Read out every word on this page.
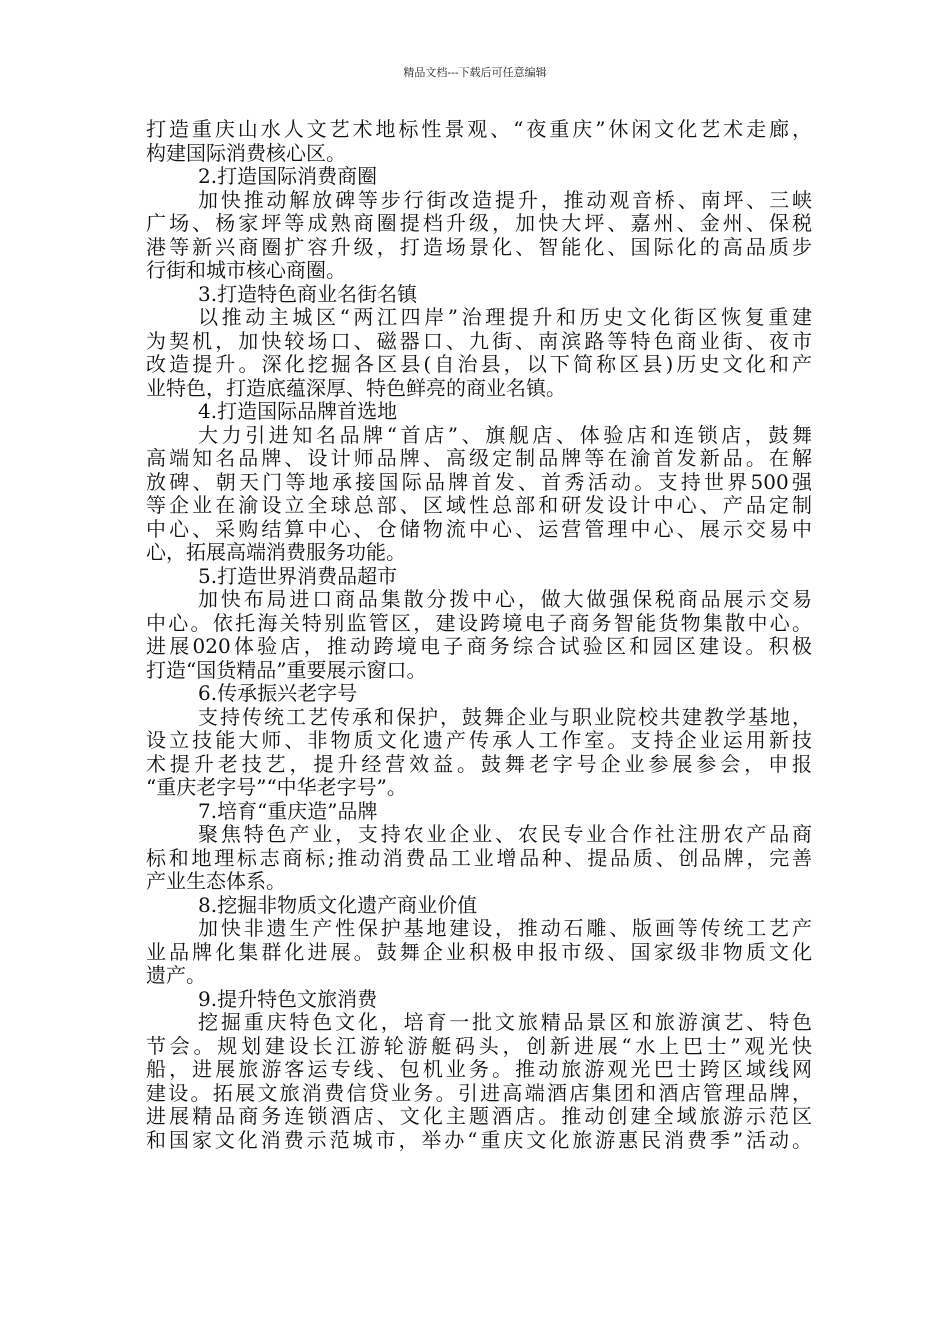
精品文档---下载后可任意编辑
打造重庆山水人文艺术地标性景观、“夜重庆”休闲文化艺术走廊，
构建国际消费核心区。
2.打造国际消费商圈
加快推动解放碑等步行街改造提升，推动观音桥、南坪、三峡
广场、杨家坪等成熟商圈提档升级，加快大坪、嘉州、金州、保税
港等新兴商圈扩容升级，打造场景化、智能化、国际化的高品质步
行街和城市核心商圈。
3.打造特色商业名街名镇
以推动主城区“两江四岸”治理提升和历史文化街区恢复重建
为契机，加快较场口、磁器口、九街、南滨路等特色商业街、夜市
改造提升。深化挖掘各区县(自治县，以下简称区县)历史文化和产
业特色，打造底蕴深厚、特色鲜亮的商业名镇。
4.打造国际品牌首选地
大力引进知名品牌“首店”、旗舰店、体验店和连锁店，鼓舞
高端知名品牌、设计师品牌、高级定制品牌等在渝首发新品。在解
放碑、朝天门等地承接国际品牌首发、首秀活动。支持世界500强
等企业在渝设立全球总部、区域性总部和研发设计中心、产品定制
中心、采购结算中心、仓储物流中心、运营管理中心、展示交易中
心，拓展高端消费服务功能。
5.打造世界消费品超市
加快布局进口商品集散分拨中心，做大做强保税商品展示交易
中心。依托海关特别监管区，建设跨境电子商务智能货物集散中心。
进展020体验店，推动跨境电子商务综合试验区和园区建设。积极
打造“国货精品”重要展示窗口。
6.传承振兴老字号
支持传统工艺传承和保护，鼓舞企业与职业院校共建教学基地，
设立技能大师、非物质文化遗产传承人工作室。支持企业运用新技
术提升老技艺，提升经营效益。鼓舞老字号企业参展参会，申报
“重庆老字号”“中华老字号”。
7.培育“重庆造”品牌
聚焦特色产业，支持农业企业、农民专业合作社注册农产品商
标和地理标志商标;推动消费品工业增品种、提品质、创品牌，完善
产业生态体系。
8.挖掘非物质文化遗产商业价值
加快非遗生产性保护基地建设，推动石雕、版画等传统工艺产
业品牌化集群化进展。鼓舞企业积极申报市级、国家级非物质文化
遗产。
9.提升特色文旅消费
挖掘重庆特色文化，培育一批文旅精品景区和旅游演艺、特色
节会。规划建设长江游轮游艇码头，创新进展“水上巴士”观光快
船，进展旅游客运专线、包机业务。推动旅游观光巴士跨区域线网
建设。拓展文旅消费信贷业务。引进高端酒店集团和酒店管理品牌，
进展精品商务连锁酒店、文化主题酒店。推动创建全域旅游示范区
和国家文化消费示范城市，举办“重庆文化旅游惠民消费季”活动。
